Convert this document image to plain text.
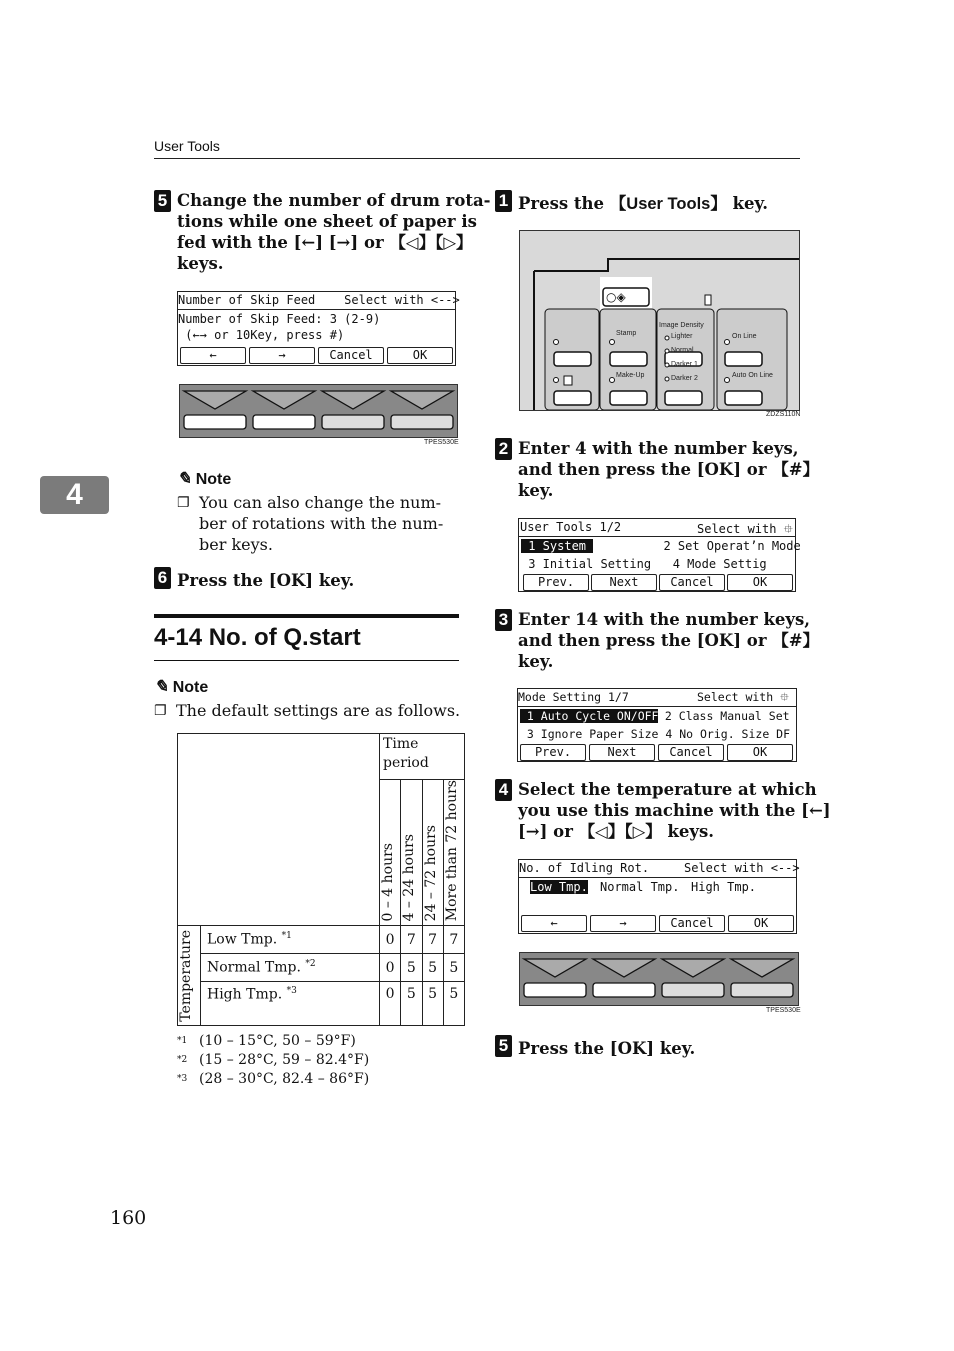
User Tools
4
5 Change the number of drum rota-
tions while one sheet of paper is
fed with the [←] [→] or 【◁】【▷】
keys.
Number of Skip Feed    Select with <-->
Number of Skip Feed: 3 (2-9)
(←→ or 10Key, press #)
←	→	Cancel	OK
TPES530E
✎ Note
❐ You can also change the num-
ber of rotations with the num-
ber keys.
6 Press the [OK] key.
4-14 No. of Q.start
✎ Note
❐ The default settings are as follows.

		Time
period			

		0 – 4 hours	4 – 24 hours	24 – 72 hours	More than 72 hours

Temperature	Low Tmp. $^{*1}$	0	7	7	7
	Normal Tmp. $^{*2}$	0	5	5	5
	High Tmp. $^{*3}$	0	5	5	5
$^{*1}$ (10 – 15°C, 50 – 59°F)
$^{*2}$ (15 – 28°C, 59 – 82.4°F)
$^{*3}$ (28 – 30°C, 82.4 – 86°F)
1 Press the 【User Tools】 key.
○◈
Stamp
Make-Up
Image Density
Lighter
Normal
Darker 1
Darker 2
On Line
Auto On Line
ZDZS110N
2 Enter 4 with the number keys,
and then press the [OK] or 【#】
key.
User Tools 1/2	Select with ⯐
1 System	2 Set Operat’n Mode
3 Initial Setting   4 Mode Settig
Prev.	Next	Cancel	OK
3 Enter 14 with the number keys,
and then press the [OK] or 【#】
key.
Mode Setting 1/7	Select with ⯐
1 Auto Cycle ON/OFF 2 Class Manual Set
3 Ignore Paper Size 4 No Orig. Size DF
Prev.	Next	Cancel	OK
4 Select the temperature at which
you use this machine with the [←]
[→] or 【◁】【▷】 keys.
No. of Idling Rot.	Select with <-->
Low Tmp. Normal Tmp. High Tmp.
←	→	Cancel	OK
TPES530E
5 Press the [OK] key.
160
